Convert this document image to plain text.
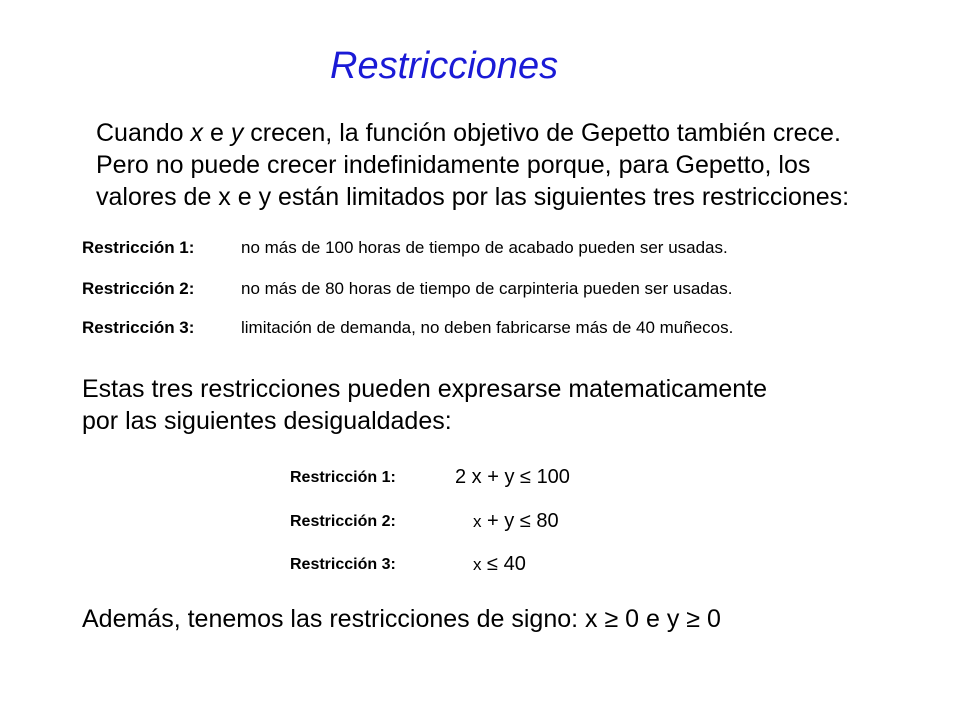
Restricciones
Cuando x e y crecen, la función objetivo de Gepetto también crece.
Pero no puede crecer indefinidamente porque, para Gepetto, los
valores de x e y están limitados por las siguientes tres restricciones:
Restricción 1:	no más de 100 horas de tiempo de acabado pueden ser usadas.
Restricción 2:	no más de 80 horas de tiempo de carpinteria pueden ser usadas.
Restricción 3:	limitación de demanda, no deben fabricarse más de 40 muñecos.
Estas tres restricciones pueden expresarse matematicamente
por las siguientes desigualdades:
Restricción 1:	2 x + y ≤ 100
Restricción 2:	x + y ≤ 80
Restricción 3:	x ≤ 40
Además, tenemos las restricciones de signo: x ≥ 0 e y ≥ 0
